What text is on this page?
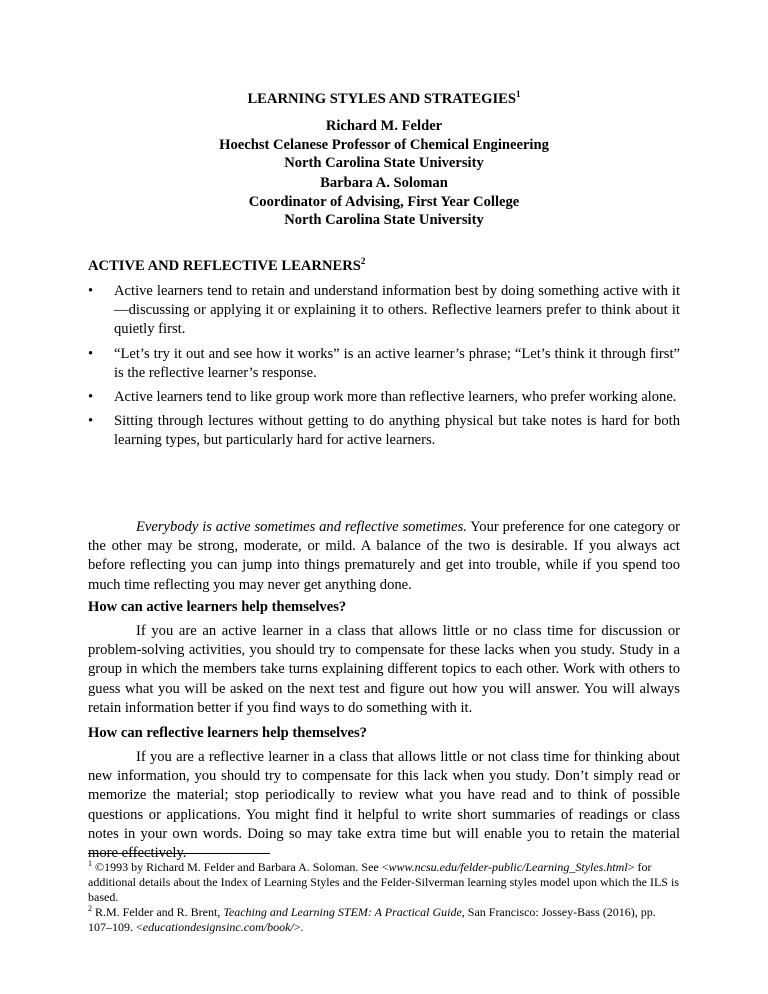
LEARNING STYLES AND STRATEGIES$^1$
Richard M. Felder
Hoechst Celanese Professor of Chemical Engineering
North Carolina State University
Barbara A. Soloman
Coordinator of Advising, First Year College
North Carolina State University
ACTIVE AND REFLECTIVE LEARNERS$^2$
• Active learners tend to retain and understand information best by doing something active with it—discussing or applying it or explaining it to others. Reflective learners prefer to think about it quietly first.
• “Let’s try it out and see how it works” is an active learner’s phrase; “Let’s think it through first” is the reflective learner’s response.
• Active learners tend to like group work more than reflective learners, who prefer working alone.
• Sitting through lectures without getting to do anything physical but take notes is hard for both learning types, but particularly hard for active learners.

Everybody is active sometimes and reflective sometimes. Your preference for one category or the other may be strong, moderate, or mild. A balance of the two is desirable. If you always act before reflecting you can jump into things prematurely and get into trouble, while if you spend too much time reflecting you may never get anything done.

How can active learners help themselves?

If you are an active learner in a class that allows little or no class time for discussion or problem-solving activities, you should try to compensate for these lacks when you study. Study in a group in which the members take turns explaining different topics to each other. Work with others to guess what you will be asked on the next test and figure out how you will answer. You will always retain information better if you find ways to do something with it.

How can reflective learners help themselves?

If you are a reflective learner in a class that allows little or not class time for thinking about new information, you should try to compensate for this lack when you study. Don’t simply read or memorize the material; stop periodically to review what you have read and to think of possible questions or applications. You might find it helpful to write short summaries of readings or class notes in your own words. Doing so may take extra time but will enable you to retain the material more effectively.

$^1$ ©1993 by Richard M. Felder and Barbara A. Soloman. See <www.ncsu.edu/felder-public/Learning_Styles.html> for additional details about the Index of Learning Styles and the Felder-Silverman learning styles model upon which the ILS is based.

$^2$ R.M. Felder and R. Brent, Teaching and Learning STEM: A Practical Guide, San Francisco: Jossey-Bass (2016), pp. 107–109. <educationdesignsinc.com/book/>.
